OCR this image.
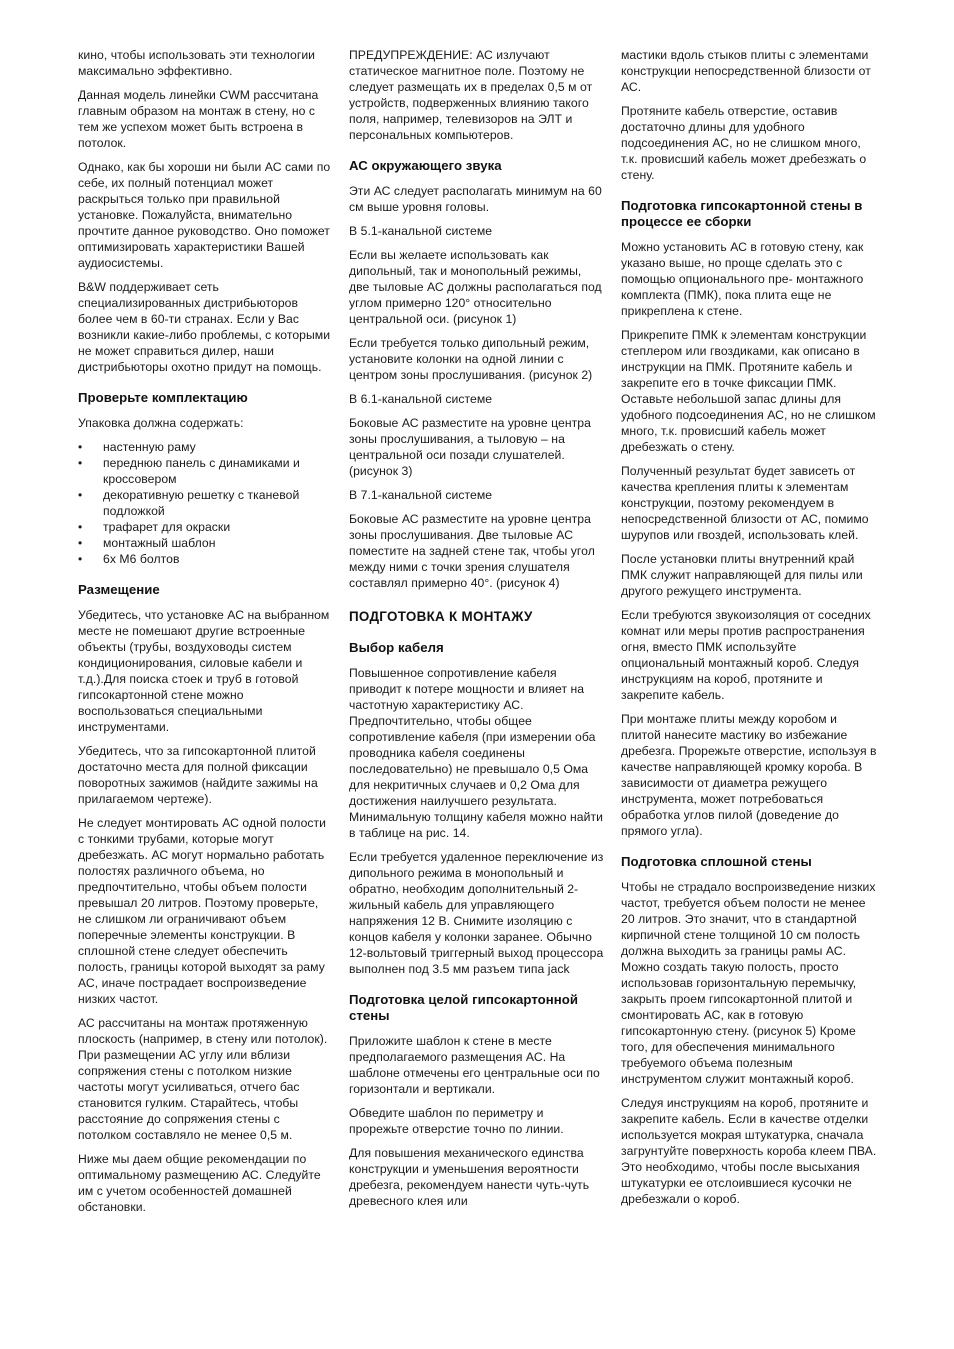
кино, чтобы использовать эти технологии максимально эффективно.

Данная модель линейки CWM рассчитана главным образом на монтаж в стену, но с тем же успехом может быть встроена в потолок.

Однако, как бы хороши ни были АС сами по себе, их полный потенциал может раскрыться только при правильной установке. Пожалуйста, внимательно прочтите данное руководство. Оно поможет оптимизировать характеристики Вашей аудиосистемы.

B&W поддерживает сеть специализированных дистрибьюторов более чем в 60-ти странах. Если у Вас возникли какие-либо проблемы, с которыми не может справиться дилер, наши дистрибьюторы охотно придут на помощь.

Проверьте комплектацию

Упаковка должна содержать:

• настенную раму
• переднюю панель с динамиками и кроссовером
• декоративную решетку с тканевой подложкой
• трафарет для окраски
• монтажный шаблон
• 6х М6 болтов
Размещение

Убедитесь, что установке АС на выбранном месте не помешают другие встроенные объекты (трубы, воздуховоды систем кондиционирования, силовые кабели и т.д.).Для поиска стоек и труб в готовой гипсокартонной стене можно воспользоваться специальными инструментами.

Убедитесь, что за гипсокартонной плитой достаточно места для полной фиксации поворотных зажимов (найдите зажимы на прилагаемом чертеже).

Не следует монтировать АС одной полости с тонкими трубами, которые могут дребезжать. АС могут нормально работать полостях различного объема, но предпочтительно, чтобы объем полости превышал 20 литров. Поэтому проверьте, не слишком ли ограничивают объем поперечные элементы конструкции. В сплошной стене следует обеспечить полость, границы которой выходят за раму АС, иначе пострадает воспроизведение низких частот.

АС рассчитаны на монтаж протяженную плоскость (например, в стену или потолок). При размещении АС углу или вблизи сопряжения стены с потолком низкие частоты могут усиливаться, отчего бас становится гулким. Старайтесь, чтобы расстояние до сопряжения стены с потолком составляло не менее 0,5 м.

Ниже мы даем общие рекомендации по оптимальному размещению АС. Следуйте им с учетом особенностей домашней обстановки.

ПРЕДУПРЕЖДЕНИЕ: АС излучают статическое магнитное поле. Поэтому не следует размещать их в пределах 0,5 м от устройств, подверженных влиянию такого поля, например, телевизоров на ЭЛТ и персональных компьютеров.

АС окружающего звука

Эти АС следует располагать минимум на 60 см выше уровня головы.

В 5.1-канальной системе

Если вы желаете использовать как дипольный, так и монопольный режимы, две тыловые АС должны располагаться под углом примерно 120° относительно центральной оси. (рисунок 1)

Если требуется только дипольный режим, установите колонки на одной линии с центром зоны прослушивания. (рисунок 2)

В 6.1-канальной системе

Боковые АС разместите на уровне центра зоны прослушивания, а тыловую – на центральной оси позади слушателей. (рисунок 3)

В 7.1-канальной системе

Боковые АС разместите на уровне центра зоны прослушивания. Две тыловые АС поместите на задней стене так, чтобы угол между ними с точки зрения слушателя составлял примерно 40°. (рисунок 4)

ПОДГОТОВКА К МОНТАЖУ
Выбор кабеля

Повышенное сопротивление кабеля приводит к потере мощности и влияет на частотную характеристику АС. Предпочтительно, чтобы общее сопротивление кабеля (при измерении оба проводника кабеля соединены последовательно) не превышало 0,5 Ома для некритичных случаев и 0,2 Ома для достижения наилучшего результата. Минимальную толщину кабеля можно найти в таблице на рис. 14.

Если требуется удаленное переключение из дипольного режима в монопольный и обратно, необходим дополнительный 2-жильный кабель для управляющего напряжения 12 В. Снимите изоляцию с концов кабеля у колонки заранее. Обычно 12-вольтовый триггерный выход процессора выполнен под 3.5 мм разъем типа jack

Подготовка целой гипсокартонной стены

Приложите шаблон к стене в месте предполагаемого размещения АС. На шаблоне отмечены его центральные оси по горизонтали и вертикали.

Обведите шаблон по периметру и прорежьте отверстие точно по линии.

Для повышения механического единства конструкции и уменьшения вероятности дребезга, рекомендуем нанести чуть-чуть древесного клея или

мастики вдоль стыков плиты с элементами конструкции непосредственной близости от АС.

Протяните кабель отверстие, оставив достаточно длины для удобного подсоединения АС, но не слишком много, т.к. провисший кабель может дребезжать о стену.

Подготовка гипсокартонной стены в процессе ее сборки

Можно установить АС в готовую стену, как указано выше, но проще сделать это с помощью опционального пре- монтажного комплекта (ПМК), пока плита еще не прикреплена к стене.

Прикрепите ПМК к элементам конструкции степлером или гвоздиками, как описано в инструкции на ПМК. Протяните кабель и закрепите его в точке фиксации ПМК. Оставьте небольшой запас длины для удобного подсоединения АС, но не слишком много, т.к. провисший кабель может дребезжать о стену.

Полученный результат будет зависеть от качества крепления плиты к элементам конструкции, поэтому рекомендуем в непосредственной близости от АС, помимо шурупов или гвоздей, использовать клей.

После установки плиты внутренний край ПМК служит направляющей для пилы или другого режущего инструмента.

Если требуются звукоизоляция от соседних комнат или меры против распространения огня, вместо ПМК используйте опциональный монтажный короб. Следуя инструкциям на короб, протяните и закрепите кабель.

При монтаже плиты между коробом и плитой нанесите мастику во избежание дребезга. Прорежьте отверстие, используя в качестве направляющей кромку короба. В зависимости от диаметра режущего инструмента, может потребоваться обработка углов пилой (доведение до прямого угла).

Подготовка сплошной стены

Чтобы не страдало воспроизведение низких частот, требуется объем полости не менее 20 литров. Это значит, что в стандартной кирпичной стене толщиной 10 см полость должна выходить за границы рамы АС. Можно создать такую полость, просто использовав горизонтальную перемычку, закрыть проем гипсокартонной плитой и смонтировать АС, как в готовую гипсокартонную стену. (рисунок 5) Кроме того, для обеспечения минимального требуемого объема полезным инструментом служит монтажный короб.

Следуя инструкциям на короб, протяните и закрепите кабель. Если в качестве отделки используется мокрая штукатурка, сначала загрунтуйте поверхность короба клеем ПВА. Это необходимо, чтобы после высыхания штукатурки ее отслоившиеся кусочки не дребезжали о короб.
